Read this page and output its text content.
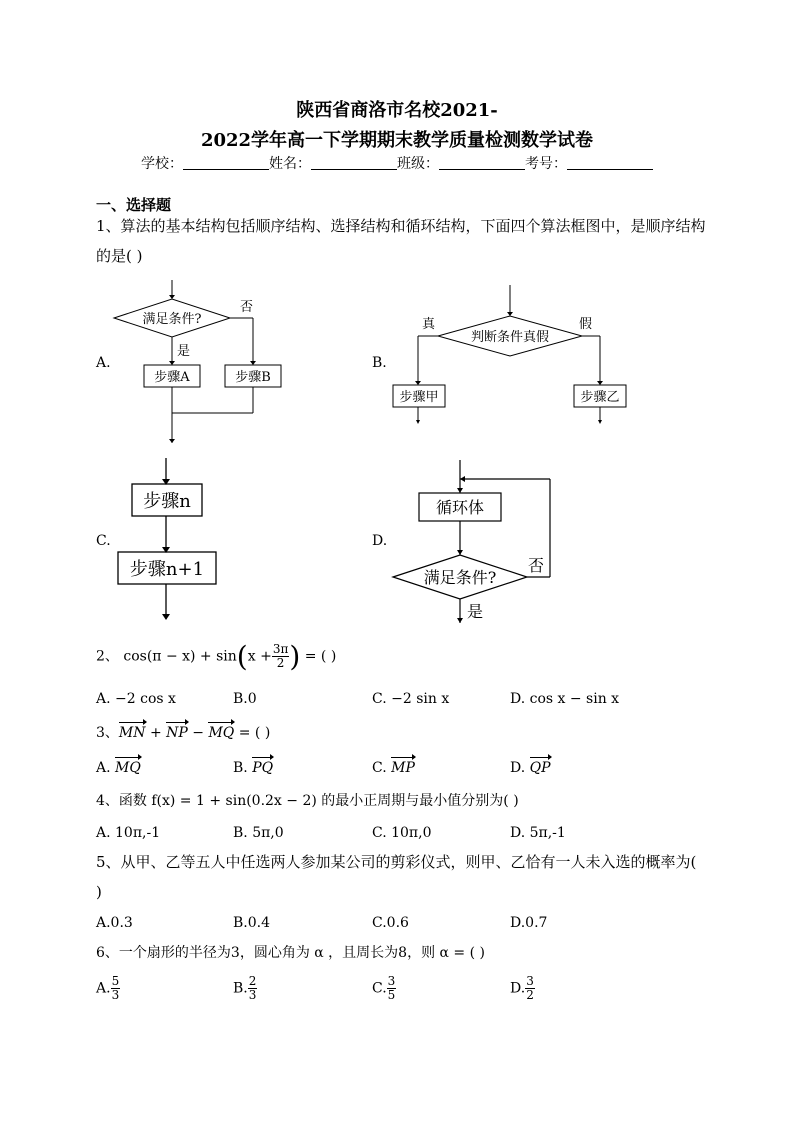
陕西省商洛市名校2021-
2022学年高一下学期期末教学质量检测数学试卷
学校：	姓名：	班级：	考号：
一、选择题
1、算法的基本结构包括顺序结构、选择结构和循环结构，下面四个算法框图中，是顺序结构的是( )
A.
满足条件?
否
是
步骤A	步骤B
B.
判断条件真假
真	假
步骤甲	步骤乙
C.
步骤n
步骤n+1
D.
循环体
满足条件?
否
是
2、 $\cos(\pi - x) + \sin(x + \frac{3\pi}{2}$ ) = ( )
A. −2 cos x	B.0	C. −2 sin x	D. cos x − sin x
3、MN + NP − MQ = ( )
A. MQ	B. PQ	C. MP	D. QP
4、函数 f(x) = 1 + sin(0.2x − 2) 的最小正周期与最小值分别为( )
A. 10π,-1	B. 5π,0	C. 10π,0	D. 5π,-1
5、从甲、乙等五人中任选两人参加某公司的剪彩仪式，则甲、乙恰有一人未入选的概率为( )
A.0.3	B.0.4	C.0.6	D.0.7
6、一个扇形的半径为3，圆心角为 α ，且周长为8，则 α = ( )
A. $\frac{5}{3}$	B. $\frac{2}{3}$	C. $\frac{3}{5}$	D. $\frac{3}{2}$
